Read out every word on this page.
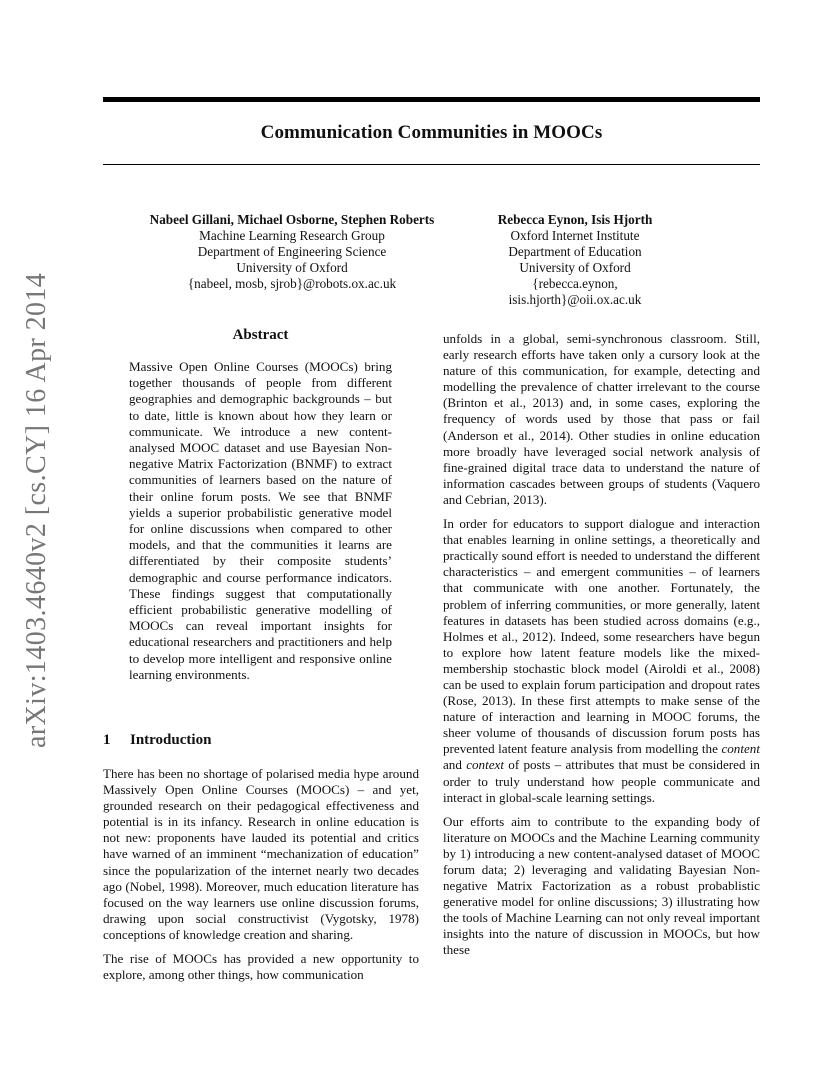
arXiv:1403.4640v2 [cs.CY] 16 Apr 2014
Communication Communities in MOOCs
Nabeel Gillani, Michael Osborne, Stephen Roberts
Machine Learning Research Group
Department of Engineering Science
University of Oxford
{nabeel, mosb, sjrob}@robots.ox.ac.uk
Rebecca Eynon, Isis Hjorth
Oxford Internet Institute
Department of Education
University of Oxford
{rebecca.eynon, isis.hjorth}@oii.ox.ac.uk
Abstract
Massive Open Online Courses (MOOCs) bring together thousands of people from different geographies and demographic backgrounds – but to date, little is known about how they learn or communicate. We introduce a new content-analysed MOOC dataset and use Bayesian Non-negative Matrix Factorization (BNMF) to extract communities of learners based on the nature of their online forum posts. We see that BNMF yields a superior probabilistic generative model for online discussions when compared to other models, and that the communities it learns are differentiated by their composite students’ demographic and course performance indicators. These findings suggest that computationally efficient probabilistic generative modelling of MOOCs can reveal important insights for educational researchers and practitioners and help to develop more intelligent and responsive online learning environments.
1 Introduction

There has been no shortage of polarised media hype around Massively Open Online Courses (MOOCs) – and yet, grounded research on their pedagogical effectiveness and potential is in its infancy. Research in online education is not new: proponents have lauded its potential and critics have warned of an imminent “mechanization of education” since the popularization of the internet nearly two decades ago (Nobel, 1998). Moreover, much education literature has focused on the way learners use online discussion forums, drawing upon social constructivist (Vygotsky, 1978) conceptions of knowledge creation and sharing.

The rise of MOOCs has provided a new opportunity to explore, among other things, how communication

unfolds in a global, semi-synchronous classroom. Still, early research efforts have taken only a cursory look at the nature of this communication, for example, detecting and modelling the prevalence of chatter irrelevant to the course (Brinton et al., 2013) and, in some cases, exploring the frequency of words used by those that pass or fail (Anderson et al., 2014). Other studies in online education more broadly have leveraged social network analysis of fine-grained digital trace data to understand the nature of information cascades between groups of students (Vaquero and Cebrian, 2013).

In order for educators to support dialogue and interaction that enables learning in online settings, a theoretically and practically sound effort is needed to understand the different characteristics – and emergent communities – of learners that communicate with one another. Fortunately, the problem of inferring communities, or more generally, latent features in datasets has been studied across domains (e.g., Holmes et al., 2012). Indeed, some researchers have begun to explore how latent feature models like the mixed-membership stochastic block model (Airoldi et al., 2008) can be used to explain forum participation and dropout rates (Rose, 2013). In these first attempts to make sense of the nature of interaction and learning in MOOC forums, the sheer volume of thousands of discussion forum posts has prevented latent feature analysis from modelling the content and context of posts – attributes that must be considered in order to truly understand how people communicate and interact in global-scale learning settings.

Our efforts aim to contribute to the expanding body of literature on MOOCs and the Machine Learning community by 1) introducing a new content-analysed dataset of MOOC forum data; 2) leveraging and validating Bayesian Non-negative Matrix Factorization as a robust probablistic generative model for online discussions; 3) illustrating how the tools of Machine Learning can not only reveal important insights into the nature of discussion in MOOCs, but how these
